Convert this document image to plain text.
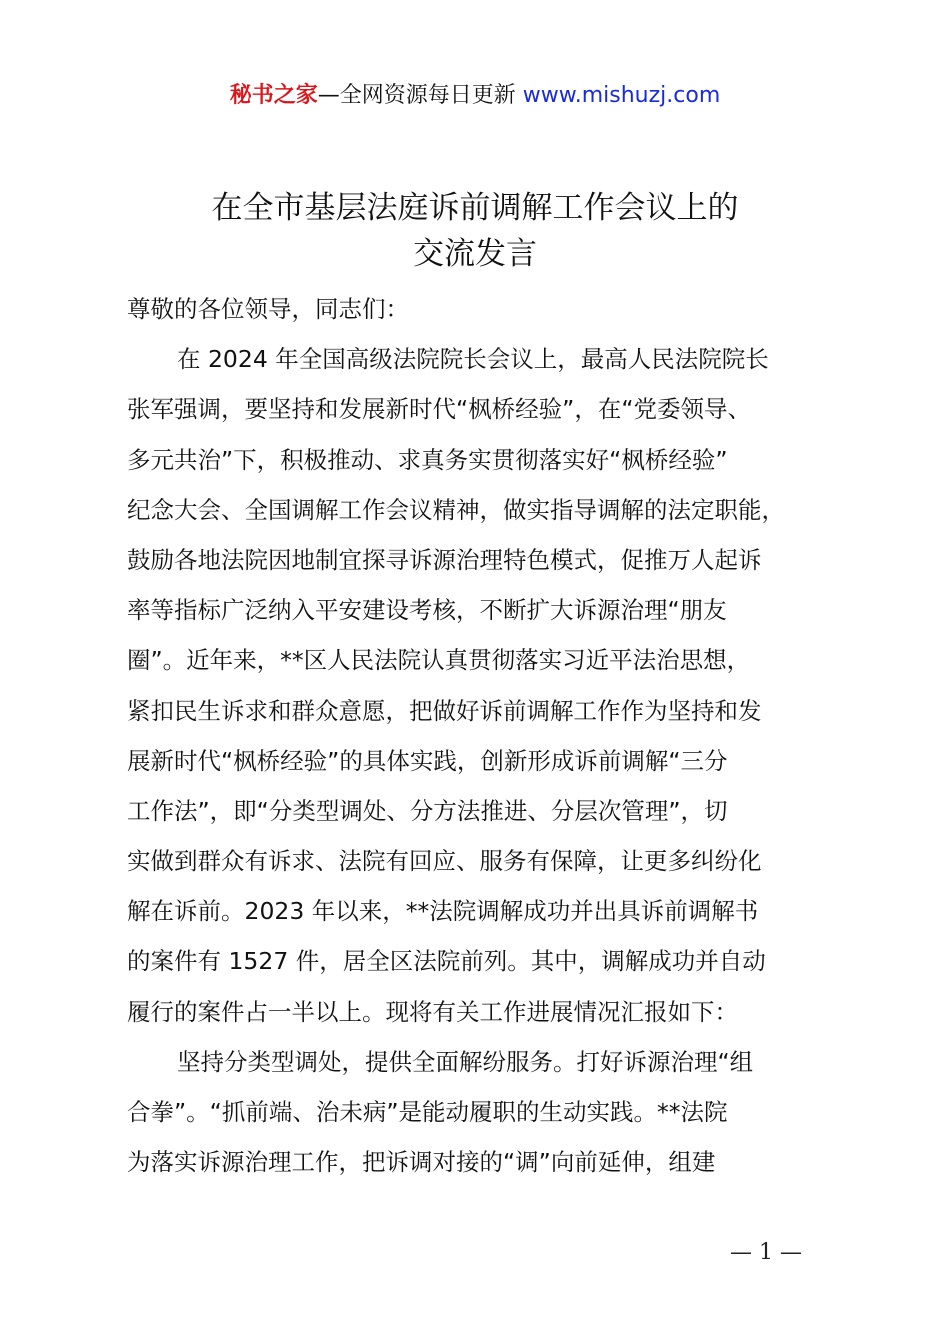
秘书之家—全网资源每日更新 www.mishuzj.com
在全市基层法庭诉前调解工作会议上的
交流发言
尊敬的各位领导，同志们：
在 2024 年全国高级法院院长会议上，最高人民法院院长
张军强调，要坚持和发展新时代“枫桥经验”，在“党委领导、
多元共治”下，积极推动、求真务实贯彻落实好“枫桥经验”
纪念大会、全国调解工作会议精神，做实指导调解的法定职能，
鼓励各地法院因地制宜探寻诉源治理特色模式，促推万人起诉
率等指标广泛纳入平安建设考核，不断扩大诉源治理“朋友
圈”。近年来，**区人民法院认真贯彻落实习近平法治思想，
紧扣民生诉求和群众意愿，把做好诉前调解工作作为坚持和发
展新时代“枫桥经验”的具体实践，创新形成诉前调解“三分
工作法”，即“分类型调处、分方法推进、分层次管理”，切
实做到群众有诉求、法院有回应、服务有保障，让更多纠纷化
解在诉前。2023 年以来，**法院调解成功并出具诉前调解书
的案件有 1527 件，居全区法院前列。其中，调解成功并自动
履行的案件占一半以上。现将有关工作进展情况汇报如下：
坚持分类型调处，提供全面解纷服务。打好诉源治理“组
合拳”。“抓前端、治未病”是能动履职的生动实践。**法院
为落实诉源治理工作，把诉调对接的“调”向前延伸，组建
— 1 —
